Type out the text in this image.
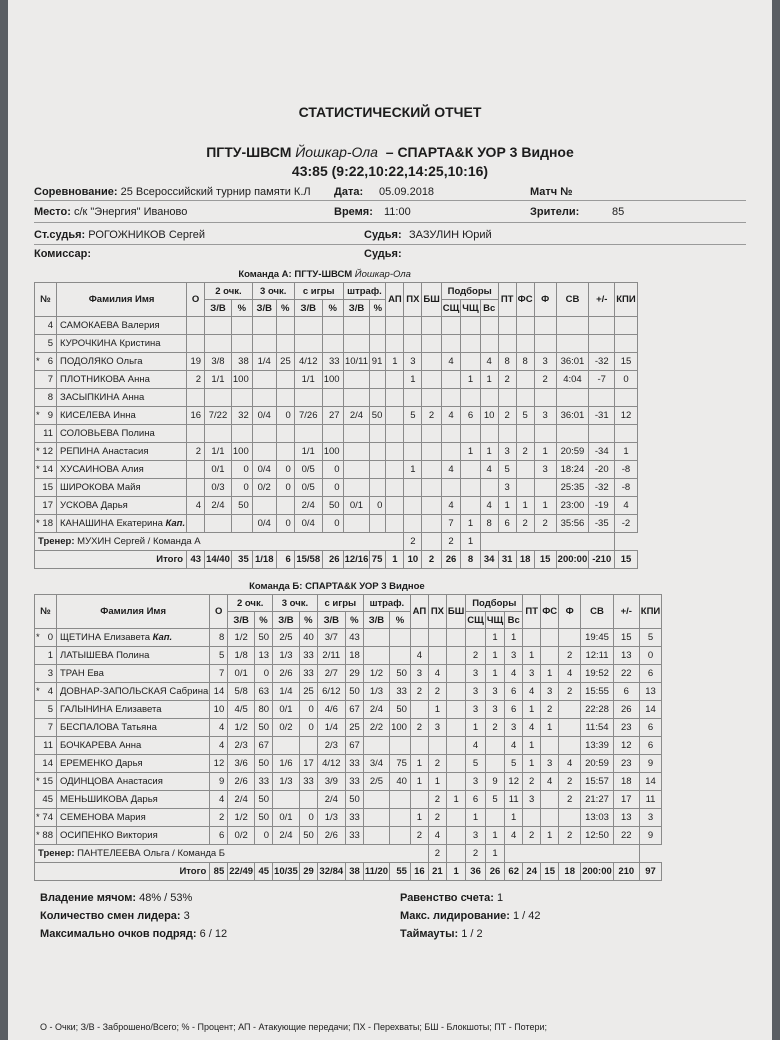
СТАТИСТИЧЕСКИЙ ОТЧЕТ
ПГТУ-ШВСМ Йошкар-Ола – СПАРТА&К УОР 3 Видное
43:85 (9:22,10:22,14:25,10:16)
Соревнование: 25 Всероссийский турнир памяти К.Л Дата: 05.09.2018	Матч №
Место: с/к "Энергия" Иваново	Время: 11:00	Зрители:	85
Ст.судья: РОГОЖНИКОВ Сергей	Судья: ЗАЗУЛИН Юрий
Комиссар:	Судья:
Команда А: ПГТУ-ШВСМ Йошкар-Ола																						
№	Фамилия Имя	О	2 очк.		3 очк.		с игры		штраф.		АП	ПХ	БШ	Подборы			ПТ	ФС	Ф	СВ	+/-	КПИ
			З/В	%	З/В	%	З/В	%	З/В	%				СЩ	ЧЩ	Вс						

4	САМОКАЕВА Валерия																					

5	КУРОЧКИНА Кристина																					

* 6	ПОДОЛЯКО Ольга	19	3/8	38	1/4	25	4/12	33	10/11	91	1	3		4		4	8	8	3	36:01	-32	15

7	ПЛОТНИКОВА Анна	2	1/1	100			1/1	100				1			1	1	2		2	4:04	-7	0

8	ЗАСЫПКИНА Анна																					

* 9	КИСЕЛЕВА Инна	16	7/22	32	0/4	0	7/26	27	2/4	50		5	2	4	6	10	2	5	3	36:01	-31	12

11	СОЛОВЬЕВА Полина																					

* 12	РЕПИНА Анастасия	2	1/1	100			1/1	100							1	1	3	2	1	20:59	-34	1

* 14	ХУСАИНОВА Алия		0/1	0	0/4	0	0/5	0				1		4		4	5		3	18:24	-20	-8

15	ШИРОКОВА Майя		0/3	0	0/2	0	0/5	0									3			25:35	-32	-8

17	УСКОВА Дарья	4	2/4	50			2/4	50	0/1	0				4		4	1	1	1	23:00	-19	4

* 18	КАНАШИНА Екатерина Кап.				0/4	0	0/4	0						7	1	8	6	2	2	35:56	-35	-2
Тренер: МУХИН Сергей / Команда А												2		2	1							
Итого		43	14/40	35	1/18	6	15/58	26	12/16	75	1	10	2	26	8	34	31	18	15	200:00	-210	15
Команда Б: СПАРТА&К УОР 3 Видное																						
№	Фамилия Имя	О	2 очк.		3 очк.		с игры		штраф.		АП	ПХ	БШ	Подборы			ПТ	ФС	Ф	СВ	+/-	КПИ
			З/В	%	З/В	%	З/В	%	З/В	%				СЩ	ЧЩ	Вс						

* 0	ЩЕТИНА Елизавета Кап.	8	1/2	50	2/5	40	3/7	43							1	1				19:45	15	5

1	ЛАТЫШЕВА Полина	5	1/8	13	1/3	33	2/11	18			4			2	1	3	1		2	12:11	13	0

3	ТРАН Ева	7	0/1	0	2/6	33	2/7	29	1/2	50	3	4		3	1	4	3	1	4	19:52	22	6

* 4	ДОВНАР-ЗАПОЛЬСКАЯ Сабрина	14	5/8	63	1/4	25	6/12	50	1/3	33	2	2		3	3	6	4	3	2	15:55	6	13

5	ГАЛЫНИНА Елизавета	10	4/5	80	0/1	0	4/6	67	2/4	50		1		3	3	6	1	2		22:28	26	14

7	БЕСПАЛОВА Татьяна	4	1/2	50	0/2	0	1/4	25	2/2	100	2	3		1	2	3	4	1		11:54	23	6

11	БОЧКАРЕВА Анна	4	2/3	67			2/3	67						4		4	1			13:39	12	6

14	ЕРЕМЕНКО Дарья	12	3/6	50	1/6	17	4/12	33	3/4	75	1	2		5		5	1	3	4	20:59	23	9

* 15	ОДИНЦОВА Анастасия	9	2/6	33	1/3	33	3/9	33	2/5	40	1	1		3	9	12	2	4	2	15:57	18	14

45	МЕНЬШИКОВА Дарья	4	2/4	50			2/4	50				2	1	6	5	11	3		2	21:27	17	11

* 74	СЕМЕНОВА Мария	2	1/2	50	0/1	0	1/3	33			1	2		1		1				13:03	13	3

* 88	ОСИПЕНКО Виктория	6	0/2	0	2/4	50	2/6	33			2	4		3	1	4	2	1	2	12:50	22	9
Тренер: ПАНТЕЛЕЕВА Ольга / Команда Б												2		2	1							
Итого		85	22/49	45	10/35	29	32/84	38	11/20	55	16	21	1	36	26	62	24	15	18	200:00	210	97
Владение мячом: 48% / 53%	Равенство счета: 1
Количество смен лидера: 3	Макс. лидирование: 1 / 42
Максимально очков подряд: 6 / 12	Таймауты: 1 / 2
О - Очки; З/В - Заброшено/Всего; % - Процент; АП - Атакующие передачи; ПХ - Перехваты; БШ - Блокшоты; ПТ - Потери;
